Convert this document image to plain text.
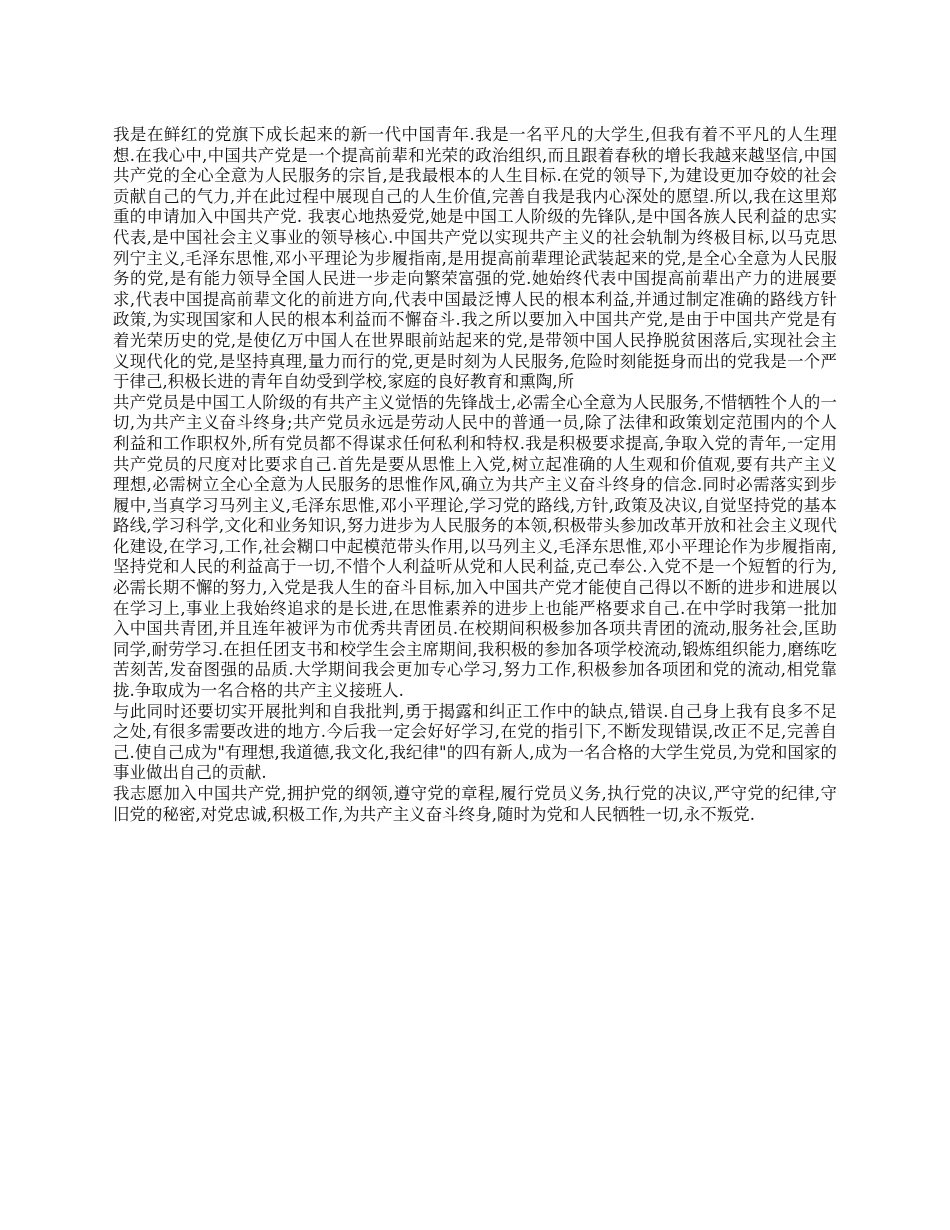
我是在鲜红的党旗下成长起来的新一代中国青年.我是一名平凡的大学生,但我有着不平凡的人生理想.在我心中,中国共产党是一个提高前辈和光荣的政治组织,而且跟着春秋的增长我越来越坚信,中国共产党的全心全意为人民服务的宗旨,是我最根本的人生目标.在党的领导下,为建设更加夺姣的社会贡献自己的气力,并在此过程中展现自己的人生价值,完善自我是我内心深处的愿望.所以,我在这里郑重的申请加入中国共产党. 我衷心地热爱党,她是中国工人阶级的先锋队,是中国各族人民利益的忠实代表,是中国社会主义事业的领导核心.中国共产党以实现共产主义的社会轨制为终极目标,以马克思列宁主义,毛泽东思惟,邓小平理论为步履指南,是用提高前辈理论武装起来的党,是全心全意为人民服务的党,是有能力领导全国人民进一步走向繁荣富强的党.她始终代表中国提高前辈出产力的进展要求,代表中国提高前辈文化的前进方向,代表中国最泛博人民的根本利益,并通过制定准确的路线方针政策,为实现国家和人民的根本利益而不懈奋斗.我之所以要加入中国共产党,是由于中国共产党是有着光荣历史的党,是使亿万中国人在世界眼前站起来的党,是带领中国人民挣脱贫困落后,实现社会主义现代化的党,是坚持真理,量力而行的党,更是时刻为人民服务,危险时刻能挺身而出的党我是一个严于律己,积极长进的青年自幼受到学校,家庭的良好教育和熏陶,所

共产党员是中国工人阶级的有共产主义觉悟的先锋战士,必需全心全意为人民服务,不惜牺牲个人的一切,为共产主义奋斗终身;共产党员永远是劳动人民中的普通一员,除了法律和政策划定范围内的个人利益和工作职权外,所有党员都不得谋求任何私利和特权.我是积极要求提高,争取入党的青年,一定用共产党员的尺度对比要求自己.首先是要从思惟上入党,树立起准确的人生观和价值观,要有共产主义理想,必需树立全心全意为人民服务的思惟作风,确立为共产主义奋斗终身的信念.同时必需落实到步履中,当真学习马列主义,毛泽东思惟,邓小平理论,学习党的路线,方针,政策及决议,自觉坚持党的基本路线,学习科学,文化和业务知识,努力进步为人民服务的本领,积极带头参加改革开放和社会主义现代化建设,在学习,工作,社会糊口中起模范带头作用,以马列主义,毛泽东思惟,邓小平理论作为步履指南,坚持党和人民的利益高于一切,不惜个人利益听从党和人民利益,克己奉公.入党不是一个短暂的行为,必需长期不懈的努力,入党是我人生的奋斗目标,加入中国共产党才能使自己得以不断的进步和进展以在学习上,事业上我始终追求的是长进,在思惟素养的进步上也能严格要求自己.在中学时我第一批加入中国共青团,并且连年被评为市优秀共青团员.在校期间积极参加各项共青团的流动,服务社会,匡助同学,耐劳学习.在担任团支书和校学生会主席期间,我积极的参加各项学校流动,锻炼组织能力,磨练吃苦刻苦,发奋图强的品质.大学期间我会更加专心学习,努力工作,积极参加各项团和党的流动,相党靠拢.争取成为一名合格的共产主义接班人.

与此同时还要切实开展批判和自我批判,勇于揭露和纠正工作中的缺点,错误.自己身上我有良多不足之处,有很多需要改进的地方.今后我一定会好好学习,在党的指引下,不断发现错误,改正不足,完善自己.使自己成为"有理想,我道德,我文化,我纪律"的四有新人,成为一名合格的大学生党员,为党和国家的事业做出自己的贡献.

我志愿加入中国共产党,拥护党的纲领,遵守党的章程,履行党员义务,执行党的决议,严守党的纪律,守旧党的秘密,对党忠诚,积极工作,为共产主义奋斗终身,随时为党和人民牺牲一切,永不叛党.
